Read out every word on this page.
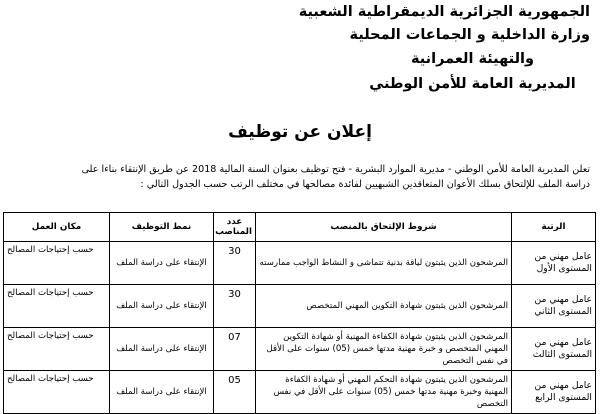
الجمهورية الجزائرية الديمقراطية الشعبية
وزارة الداخلية و الجماعات المحلية
والتهيئة العمرانية
المديرية العامة للأمن الوطني
إعلان عن توظيف
تعلن المديرية العامة للأمن الوطني - مديرية الموارد البشرية - فتح توظيف بعنوان السنة المالية 2018 عن طريق الإنتقاء بناءا على
دراسة الملف للإلتحاق بسلك الأعوان المتعاقدين الشبهيين لفائدة مصالحها في مختلف الرتب حسب الجدول التالي :
الرتبة	شروط الإلتحاق بالمنصب	عدد المناصب	نمط التوظيف	مكان العمل
عامل مهني من المستوى الأول	المرشحون الذين يثبتون لياقة بدنية تتماشى و النشاط الواجب ممارسته	30	الإنتقاء على دراسة الملف	حسب إحتياجات المصالح
عامل مهني من المستوى الثاني	المرشحون الذين يثبتون شهادة التكوين المهني المتخصص	30	الإنتقاء على دراسة الملف	حسب إحتياجات المصالح
عامل مهني من المستوى الثالث	المرشحون الذين يثبتون شهادة الكفاءة المهنية أو شهادة التكوين المهني المتخصص و خبرة مهنية مدتها خمس (05) سنوات على الأقل في نفس التخصص	07	الإنتقاء على دراسة الملف	حسب إحتياجات المصالح
عامل مهني من المستوى الرابع	المرشحون الذين يثبتون شهادة التحكم المهني أو شهادة الكفاءة المهنية وخبرة مهنية مدتها خمس (05) سنوات على الأقل في نفس التخصص	05	الإنتقاء على دراسة الملف	حسب إحتياجات المصالح
